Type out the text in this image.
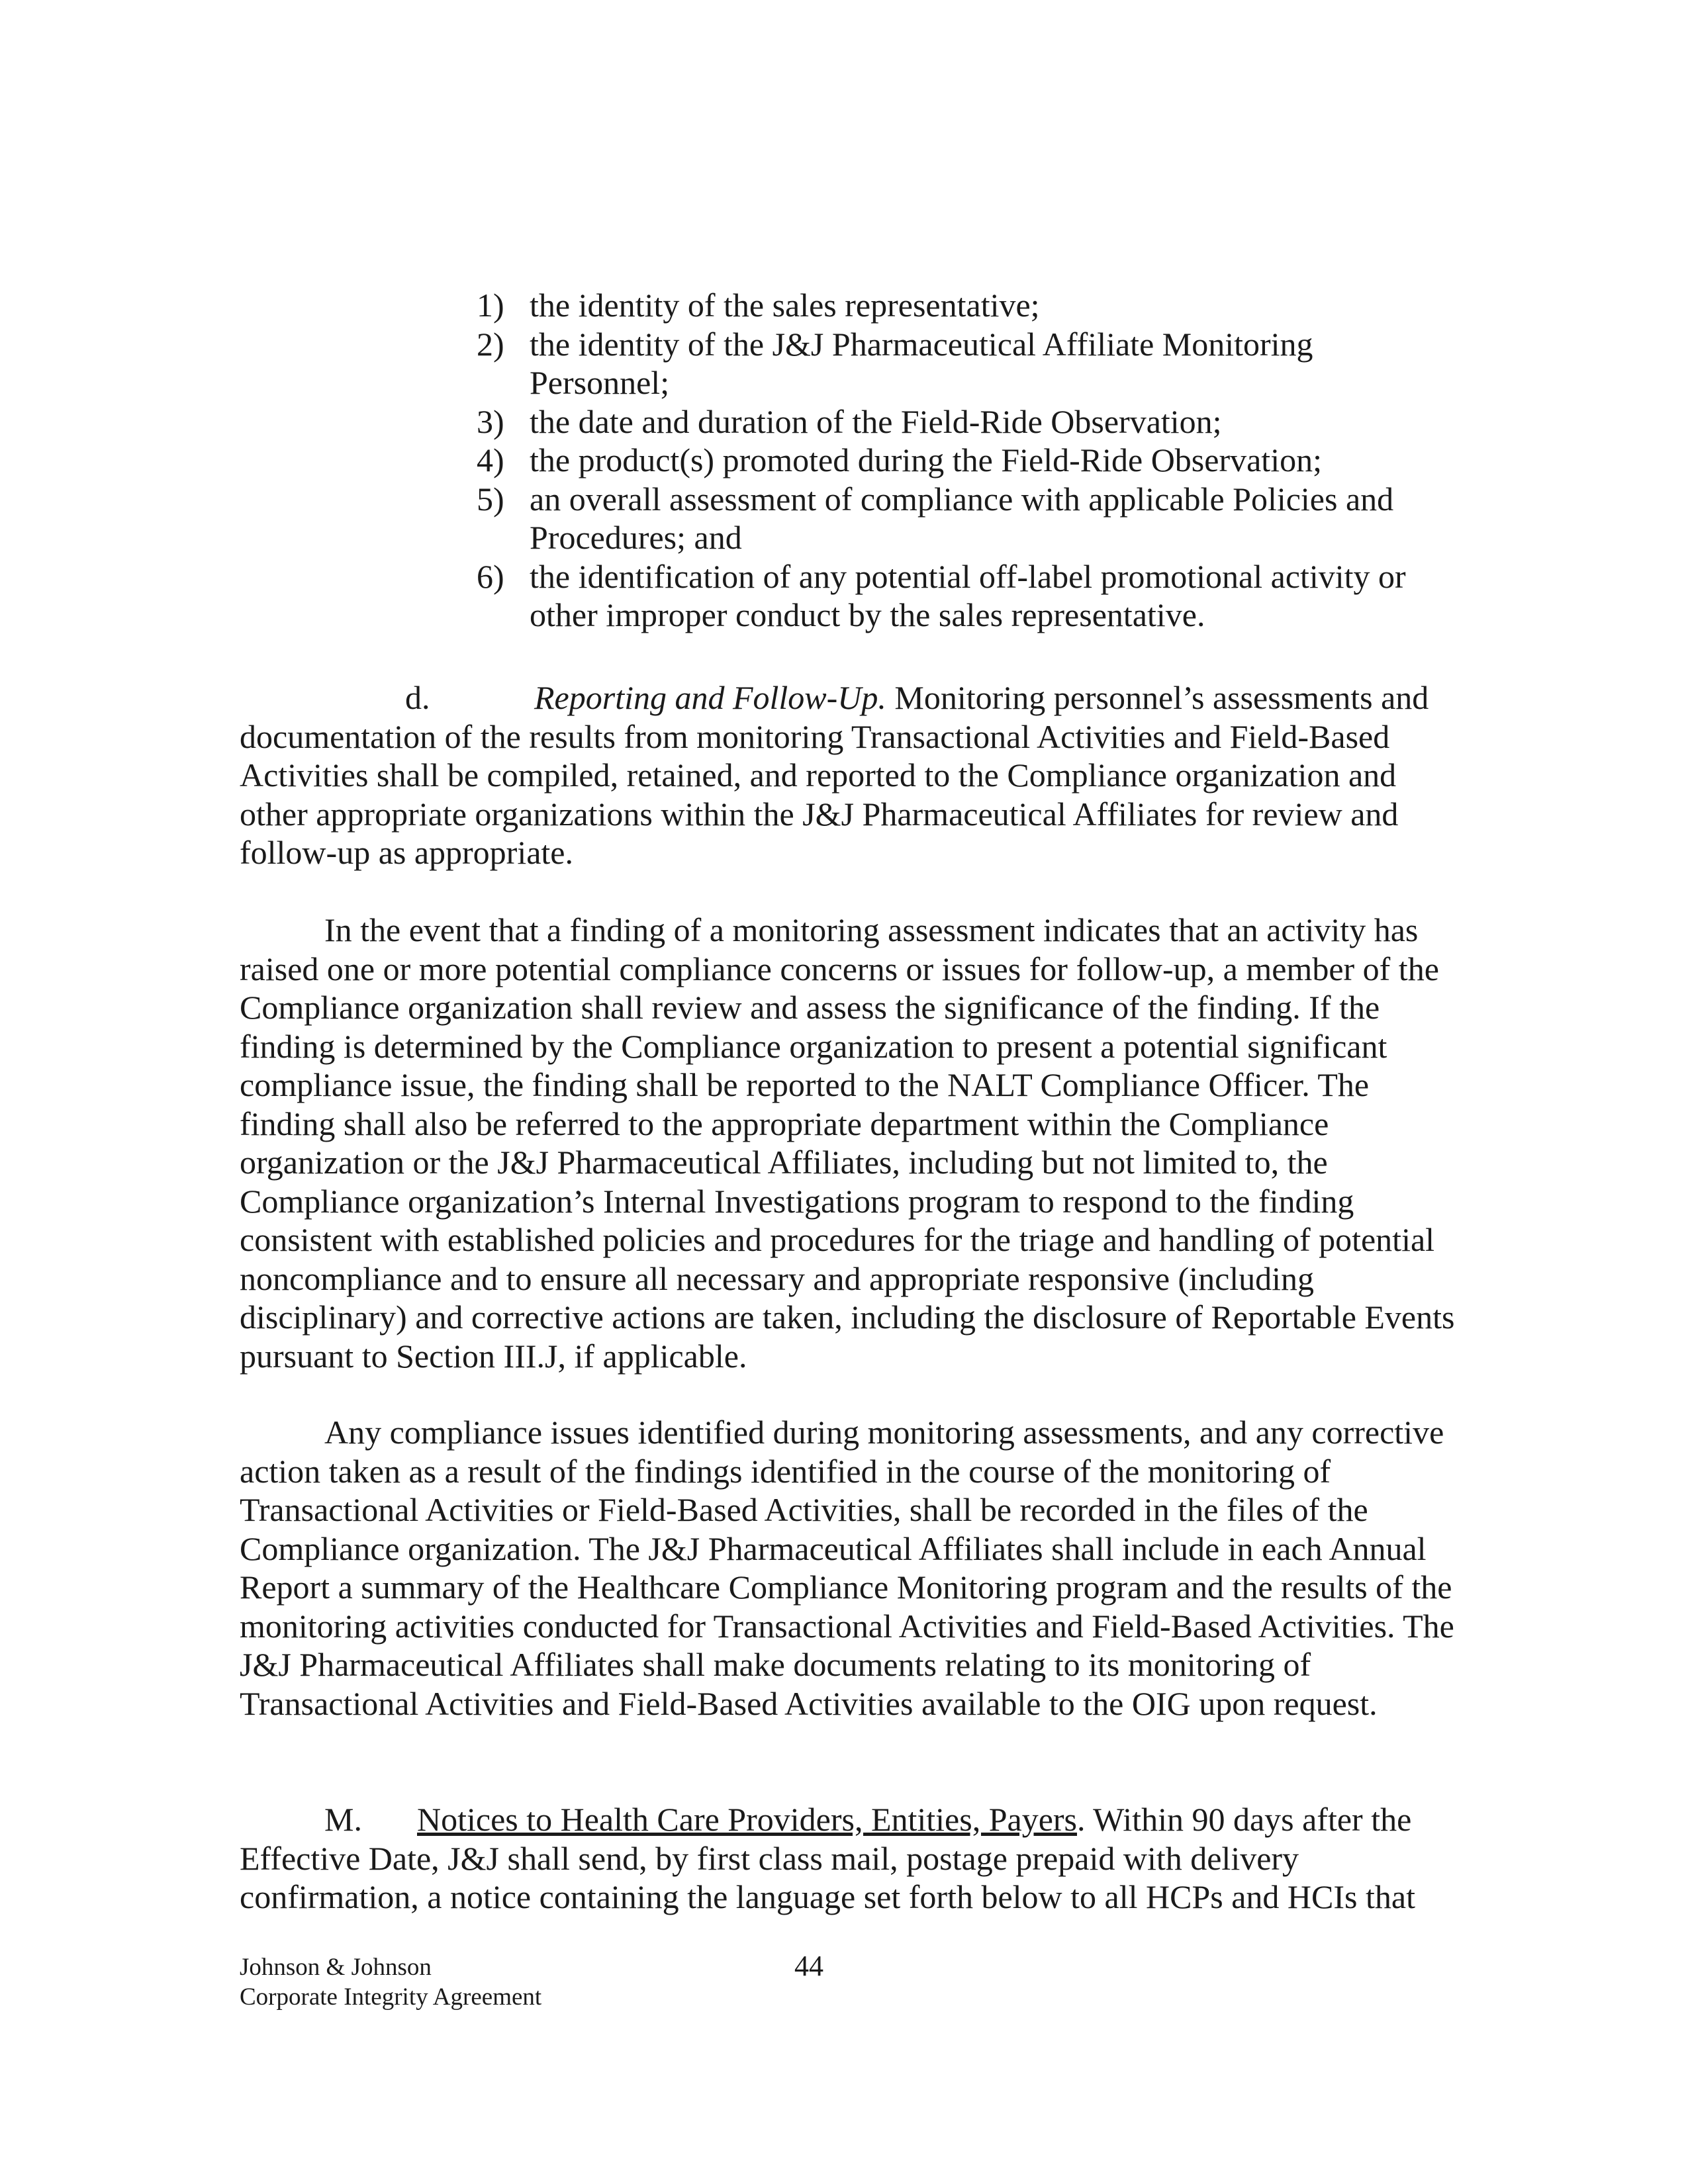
1) the identity of the sales representative;
2) the identity of the J&J Pharmaceutical Affiliate Monitoring Personnel;
3) the date and duration of the Field-Ride Observation;
4) the product(s) promoted during the Field-Ride Observation;
5) an overall assessment of compliance with applicable Policies and Procedures; and
6) the identification of any potential off-label promotional activity or other improper conduct by the sales representative.

d.	Reporting and Follow-Up. Monitoring personnel’s assessments and documentation of the results from monitoring Transactional Activities and Field-Based Activities shall be compiled, retained, and reported to the Compliance organization and other appropriate organizations within the J&J Pharmaceutical Affiliates for review and follow-up as appropriate.

In the event that a finding of a monitoring assessment indicates that an activity has raised one or more potential compliance concerns or issues for follow-up, a member of the Compliance organization shall review and assess the significance of the finding. If the finding is determined by the Compliance organization to present a potential significant compliance issue, the finding shall be reported to the NALT Compliance Officer. The finding shall also be referred to the appropriate department within the Compliance organization or the J&J Pharmaceutical Affiliates, including but not limited to, the Compliance organization’s Internal Investigations program to respond to the finding consistent with established policies and procedures for the triage and handling of potential noncompliance and to ensure all necessary and appropriate responsive (including disciplinary) and corrective actions are taken, including the disclosure of Reportable Events pursuant to Section III.J, if applicable.

Any compliance issues identified during monitoring assessments, and any corrective action taken as a result of the findings identified in the course of the monitoring of Transactional Activities or Field-Based Activities, shall be recorded in the files of the Compliance organization. The J&J Pharmaceutical Affiliates shall include in each Annual Report a summary of the Healthcare Compliance Monitoring program and the results of the monitoring activities conducted for Transactional Activities and Field-Based Activities. The J&J Pharmaceutical Affiliates shall make documents relating to its monitoring of Transactional Activities and Field-Based Activities available to the OIG upon request.

M. Notices to Health Care Providers, Entities, Payers. Within 90 days after the Effective Date, J&J shall send, by first class mail, postage prepaid with delivery confirmation, a notice containing the language set forth below to all HCPs and HCIs that

Johnson & Johnson
Corporate Integrity Agreement
44
